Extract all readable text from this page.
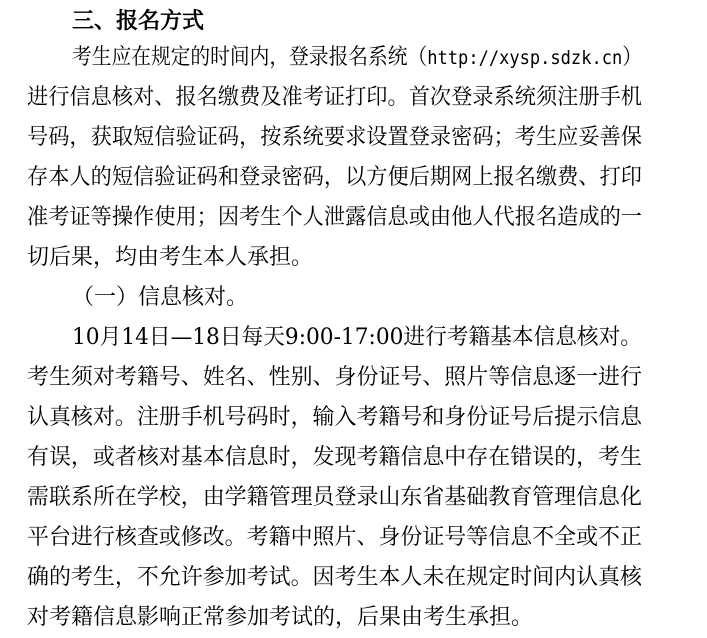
三、报名方式
考生应在规定的时间内，登录报名系统（http://xysp.sdzk.cn）
进行信息核对、报名缴费及准考证打印。首次登录系统须注册手机
号码，获取短信验证码，按系统要求设置登录密码；考生应妥善保
存本人的短信验证码和登录密码，以方便后期网上报名缴费、打印
准考证等操作使用；因考生个人泄露信息或由他人代报名造成的一
切后果，均由考生本人承担。
（一）信息核对。
10月14日—18日每天9:00-17:00进行考籍基本信息核对。
考生须对考籍号、姓名、性别、身份证号、照片等信息逐一进行
认真核对。注册手机号码时，输入考籍号和身份证号后提示信息
有误，或者核对基本信息时，发现考籍信息中存在错误的，考生
需联系所在学校，由学籍管理员登录山东省基础教育管理信息化
平台进行核查或修改。考籍中照片、身份证号等信息不全或不正
确的考生，不允许参加考试。因考生本人未在规定时间内认真核
对考籍信息影响正常参加考试的，后果由考生承担。
